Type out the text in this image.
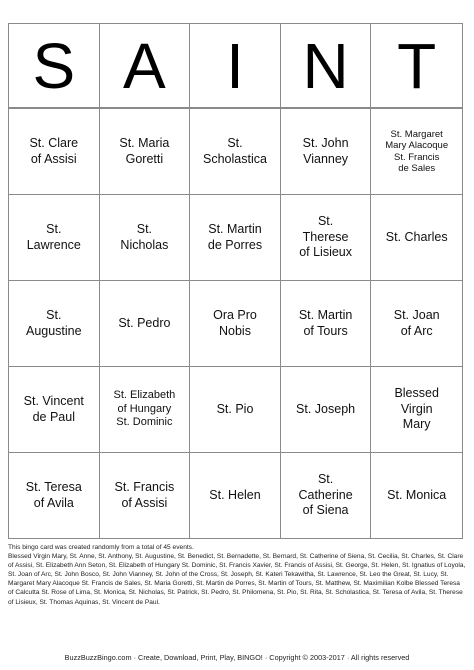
S A I N T
St. Clare
of Assisi
St. Maria
Goretti
St.
Scholastica
St. John
Vianney
St. Margaret
Mary Alacoque
St. Francis
de Sales
St.
Lawrence
St.
Nicholas
St. Martin
de Porres
St.
Therese
of Lisieux
St. Charles
St.
Augustine
St. Pedro
Ora Pro
Nobis
St. Martin
of Tours
St. Joan
of Arc
St. Vincent
de Paul
St. Elizabeth
of Hungary
St. Dominic
St. Pio	St. Joseph
Blessed
Virgin
Mary
St. Teresa
of Avila
St. Francis
of Assisi
St. Helen
St.
Catherine
of Siena
St. Monica
This bingo card was created randomly from a total of 45 events.
Blessed Virgin Mary, St. Anne, St. Anthony, St. Augustine, St. Benedict, St. Bernadette, St. Bernard, St. Catherine of Siena, St. Cecilia, St. Charles, St. Clare of Assisi, St. Elizabeth Ann Seton, St. Elizabeth of Hungary St. Dominic, St. Francis Xavier, St. Francis of Assisi, St. George, St. Helen, St. Ignatius of Loyola, St. Joan of Arc, St. John Bosco, St. John Vianney, St. John of the Cross, St. Joseph, St. Kateri Tekawitha, St. Lawrence, St. Leo the Great, St. Lucy, St. Margaret Mary Alacoque St. Francis de Sales, St. Maria Goretti, St. Martin de Porres, St. Martin of Tours, St. Matthew, St. Maximilian Kolbe Blessed Teresa of Calcutta St. Rose of Lima, St. Monica, St. Nicholas, St. Patrick, St. Pedro, St. Philomena, St. Pio, St. Rita, St. Scholastica, St. Teresa of Avila, St. Therese of Lisieux, St. Thomas Aquinas, St. Vincent de Paul.
BuzzBuzzBingo.com · Create, Download, Print, Play, BINGO! · Copyright © 2003-2017 · All rights reserved
